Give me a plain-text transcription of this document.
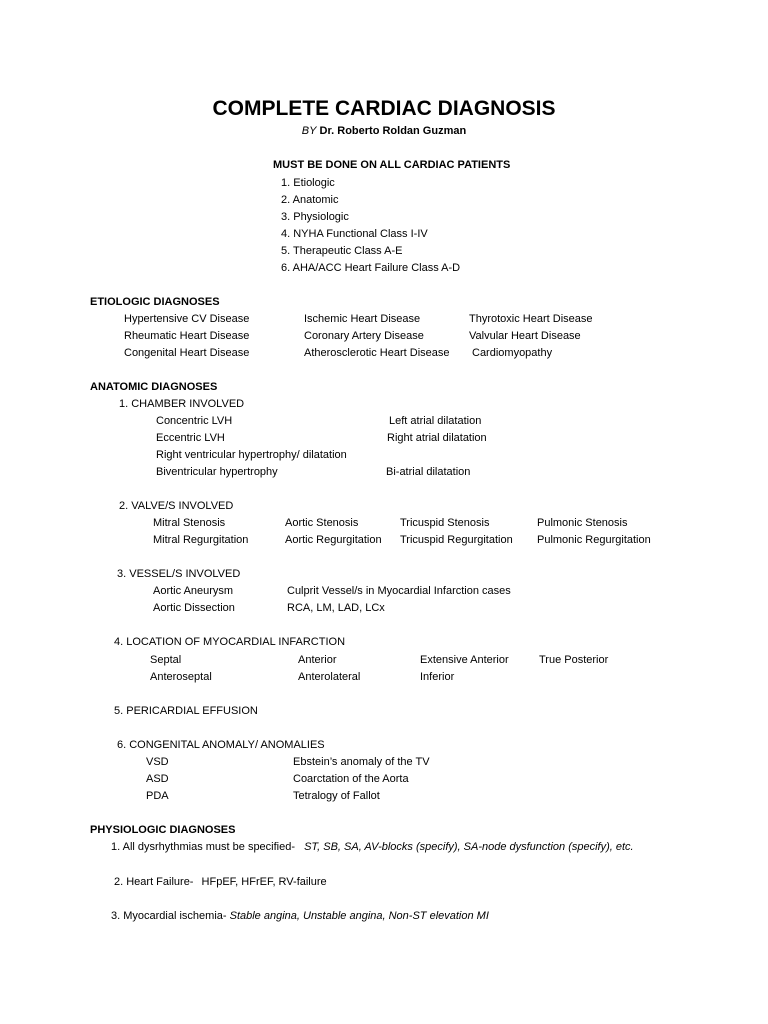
COMPLETE CARDIAC DIAGNOSIS
BY Dr. Roberto Roldan Guzman
MUST BE DONE ON ALL CARDIAC PATIENTS
1. Etiologic
2. Anatomic
3. Physiologic
4. NYHA Functional Class I-IV
5. Therapeutic Class A-E
6. AHA/ACC Heart Failure Class A-D
ETIOLOGIC DIAGNOSES
Hypertensive CV Disease	Ischemic Heart Disease	Thyrotoxic Heart Disease
Rheumatic Heart Disease	Coronary Artery Disease	Valvular Heart Disease
Congenital Heart Disease	Atherosclerotic Heart Disease Cardiomyopathy
ANATOMIC DIAGNOSES
1. CHAMBER INVOLVED
Concentric LVH	Left atrial dilatation
Eccentric LVH	Right atrial dilatation
Right ventricular hypertrophy/ dilatation
Biventricular hypertrophy	Bi-atrial dilatation
2. VALVE/S INVOLVED
Mitral Stenosis	Aortic Stenosis	Tricuspid Stenosis	Pulmonic Stenosis
Mitral Regurgitation	Aortic Regurgitation Tricuspid Regurgitation Pulmonic Regurgitation
3. VESSEL/S INVOLVED
Aortic Aneurysm	Culprit Vessel/s in Myocardial Infarction cases
Aortic Dissection	RCA, LM, LAD, LCx
4. LOCATION OF MYOCARDIAL INFARCTION
Septal	Anterior	Extensive Anterior	True Posterior
Anteroseptal	Anterolateral	Inferior
5. PERICARDIAL EFFUSION
6. CONGENITAL ANOMALY/ ANOMALIES
VSD	Ebstein’s anomaly of the TV
ASD	Coarctation of the Aorta
PDA	Tetralogy of Fallot
PHYSIOLOGIC DIAGNOSES
1. All dysrhythmias must be specified- ST, SB, SA, AV-blocks (specify), SA-node dysfunction (specify), etc.
2. Heart Failure- HFpEF, HFrEF, RV-failure
3. Myocardial ischemia- Stable angina, Unstable angina, Non-ST elevation MI
